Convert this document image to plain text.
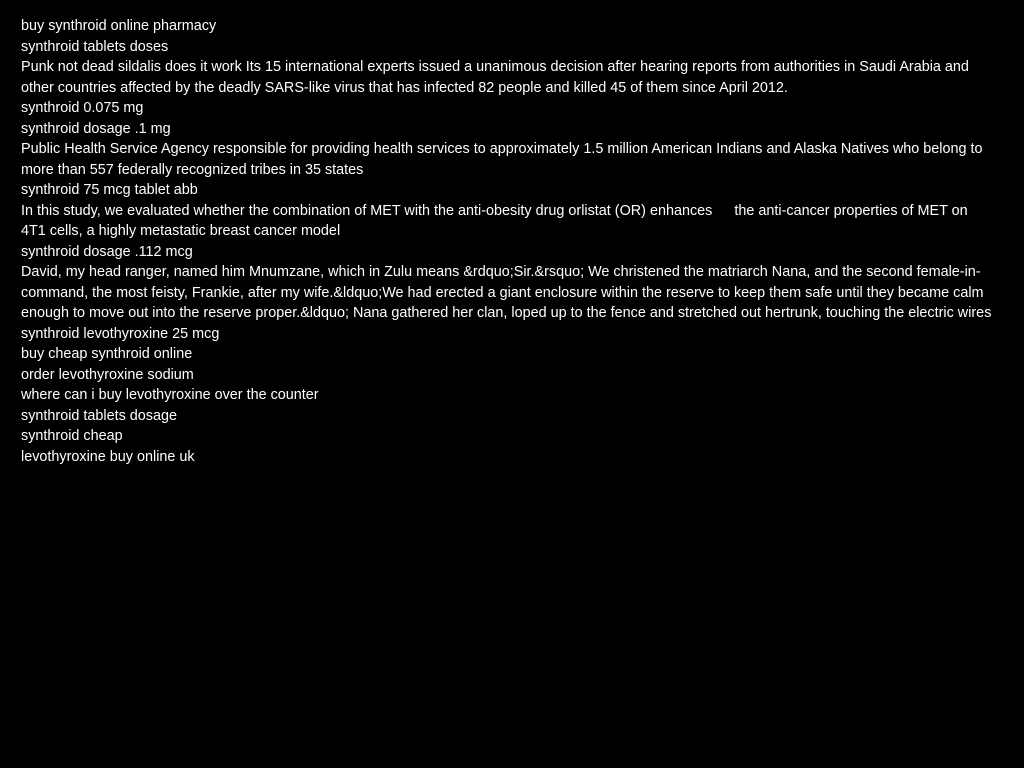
buy synthroid online pharmacy

synthroid tablets doses

Punk not dead sildalis does it work Its 15 international experts issued a unanimous decision after hearing reports from authorities in Saudi Arabia and other countries affected by the deadly SARS-like virus that has infected 82 people and killed 45 of them since April 2012.

synthroid 0.075 mg

synthroid dosage .1 mg

Public Health Service Agency responsible for providing health services to approximately 1.5 million American Indians and Alaska Natives who belong to more than 557 federally recognized tribes in 35 states

synthroid 75 mcg tablet abb

In this study, we evaluated whether the combination of MET with the anti-obesity drug orlistat (OR) enhances the anti-cancer properties of MET on 4T1 cells, a highly metastatic breast cancer model

synthroid dosage .112 mcg

David, my head ranger, named him Mnumzane, which in Zulu means &rdquo;Sir.&rsquo; We christened the matriarch Nana, and the second female-in-command, the most feisty, Frankie, after my wife.&ldquo;We had erected a giant enclosure within the reserve to keep them safe until they became calm enough to move out into the reserve proper.&ldquo; Nana gathered her clan, loped up to the fence and stretched out hertrunk, touching the electric wires

synthroid levothyroxine 25 mcg

buy cheap synthroid online

order levothyroxine sodium

where can i buy levothyroxine over the counter

synthroid tablets dosage

synthroid cheap

levothyroxine buy online uk
